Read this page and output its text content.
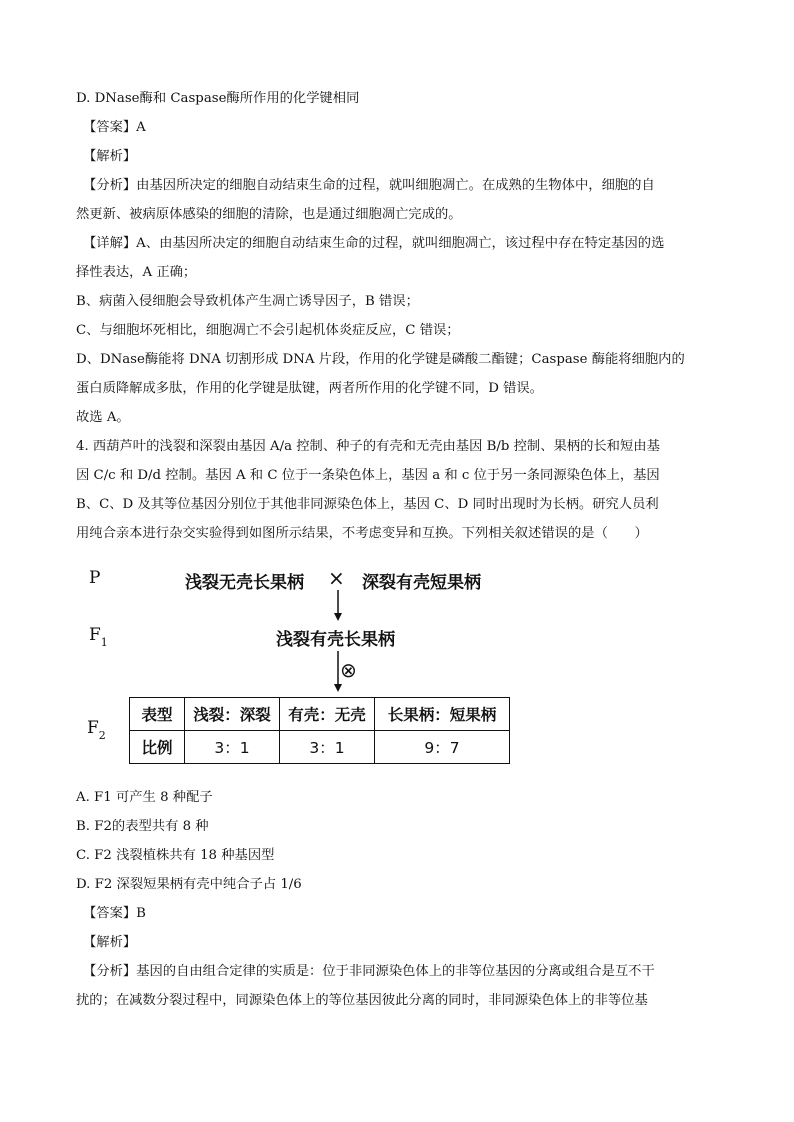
D. DNase酶和 Caspase酶所作用的化学键相同
【答案】A
【解析】
【分析】由基因所决定的细胞自动结束生命的过程，就叫细胞凋亡。在成熟的生物体中，细胞的自
然更新、被病原体感染的细胞的清除，也是通过细胞凋亡完成的。
【详解】A、由基因所决定的细胞自动结束生命的过程，就叫细胞凋亡，该过程中存在特定基因的选
择性表达，A 正确；
B、病菌入侵细胞会导致机体产生凋亡诱导因子，B 错误；
C、与细胞坏死相比，细胞凋亡不会引起机体炎症反应，C 错误；
D、DNase酶能将 DNA 切割形成 DNA 片段，作用的化学键是磷酸二酯键；Caspase 酶能将细胞内的
蛋白质降解成多肽，作用的化学键是肽键，两者所作用的化学键不同，D 错误。
故选 A。
4. 西葫芦叶的浅裂和深裂由基因 A/a 控制、种子的有壳和无壳由基因 B/b 控制、果柄的长和短由基
因 C/c 和 D/d 控制。基因 A 和 C 位于一条染色体上，基因 a 和 c 位于另一条同源染色体上，基因
B、C、D 及其等位基因分别位于其他非同源染色体上，基因 C、D 同时出现时为长柄。研究人员利
用纯合亲本进行杂交实验得到如图所示结果，不考虑变异和互换。下列相关叙述错误的是（　　）
P	浅裂无壳长果柄 × 深裂有壳短果柄
$F_1$	浅裂有壳长果柄
⊗
$F_2$
表型	浅裂：深裂	有壳：无壳	长果柄：短果柄
比例	3：1	3：1	9：7
A. F1 可产生 8 种配子
B. F2的表型共有 8 种
C. F2 浅裂植株共有 18 种基因型
D. F2 深裂短果柄有壳中纯合子占 1/6
【答案】B
【解析】
【分析】基因的自由组合定律的实质是：位于非同源染色体上的非等位基因的分离或组合是互不干
扰的；在减数分裂过程中，同源染色体上的等位基因彼此分离的同时，非同源染色体上的非等位基
